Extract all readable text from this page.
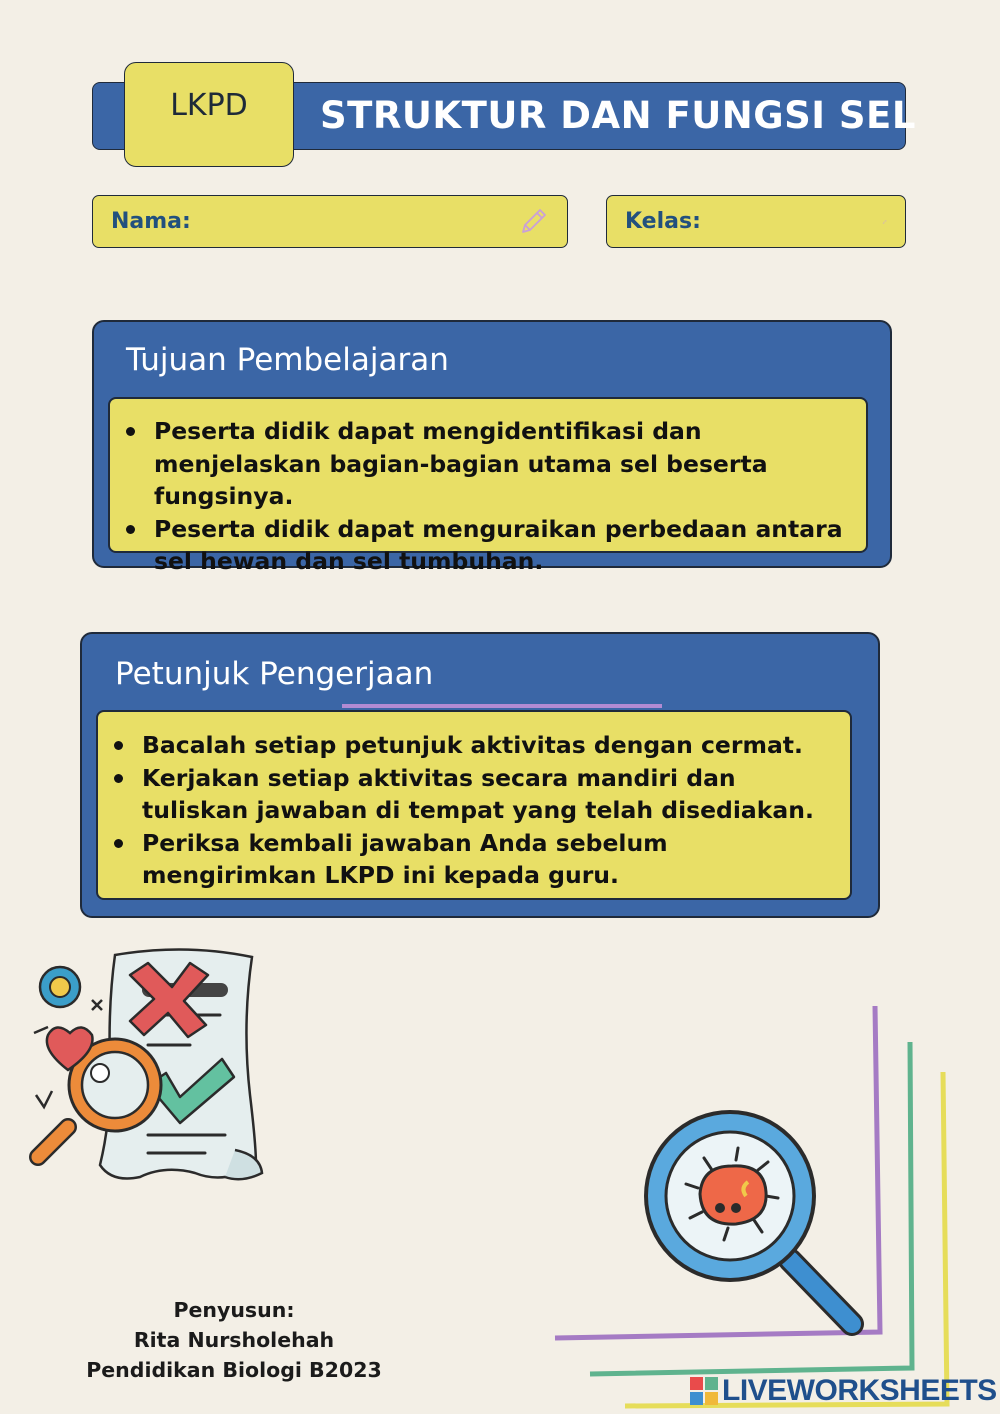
STRUKTUR DAN FUNGSI SEL
LKPD
Nama:	Kelas:
Tujuan Pembelajaran
Peserta didik dapat mengidentifikasi dan menjelaskan bagian-bagian utama sel beserta fungsinya.
Peserta didik dapat menguraikan perbedaan antara sel hewan dan sel tumbuhan.
Petunjuk Pengerjaan
Bacalah setiap petunjuk aktivitas dengan cermat.
Kerjakan setiap aktivitas secara mandiri dan tuliskan jawaban di tempat yang telah disediakan.
Periksa kembali jawaban Anda sebelum mengirimkan LKPD ini kepada guru.
Penyusun:
Rita Nursholehah
Pendidikan Biologi B2023
LIVEWORKSHEETS
